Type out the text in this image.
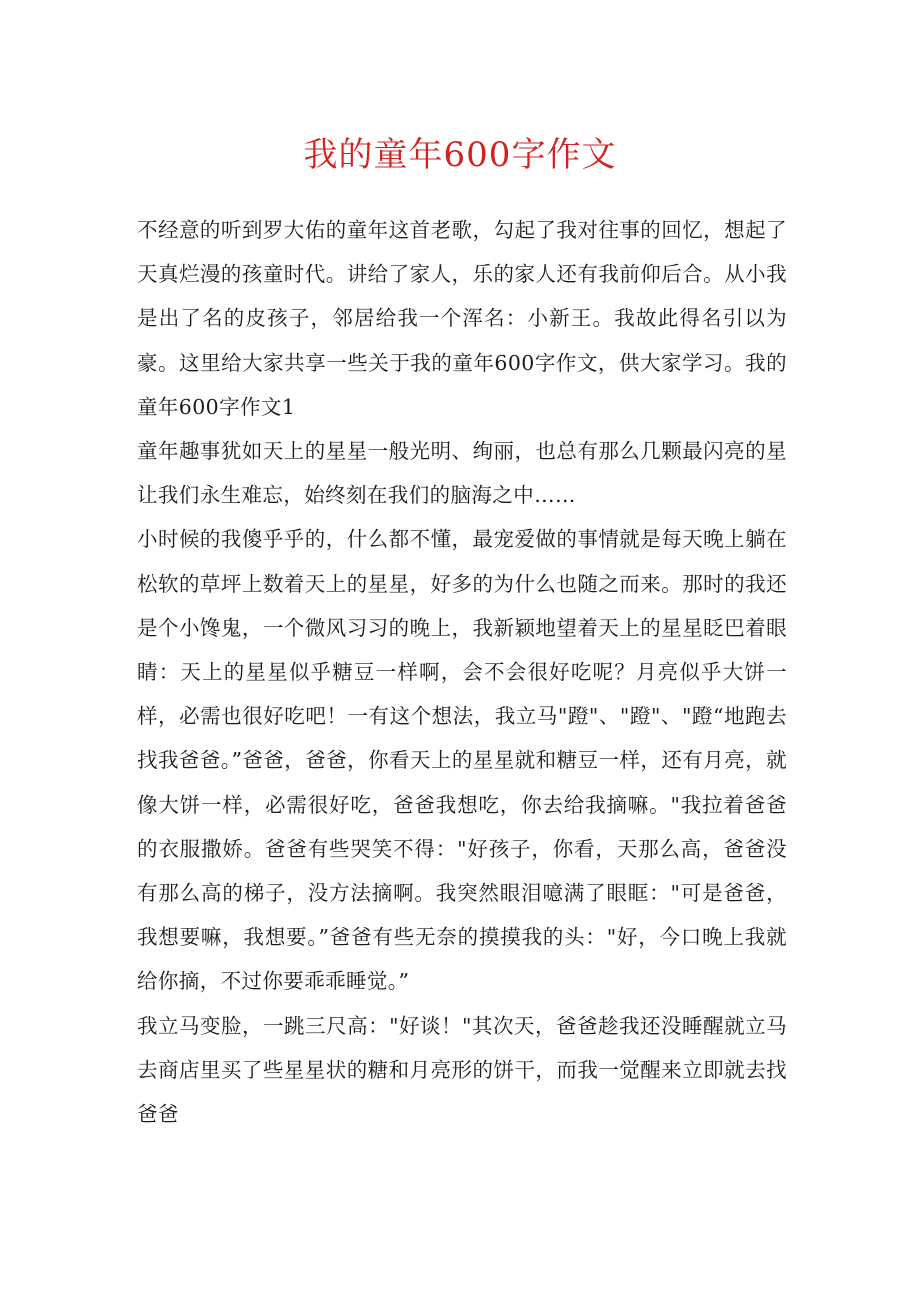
我的童年600字作文

不经意的听到罗大佑的童年这首老歌，勾起了我对往事的回忆，想起了天真烂漫的孩童时代。讲给了家人，乐的家人还有我前仰后合。从小我是出了名的皮孩子，邻居给我一个浑名：小新王。我故此得名引以为豪。这里给大家共享一些关于我的童年600字作文，供大家学习。我的童年600字作文1

童年趣事犹如天上的星星一般光明、绚丽，也总有那么几颗最闪亮的星让我们永生难忘，始终刻在我们的脑海之中……

小时候的我傻乎乎的，什么都不懂，最宠爱做的事情就是每天晚上躺在松软的草坪上数着天上的星星，好多的为什么也随之而来。那时的我还是个小馋鬼，一个微风习习的晚上，我新颖地望着天上的星星眨巴着眼睛：天上的星星似乎糖豆一样啊，会不会很好吃呢？月亮似乎大饼一样，必需也很好吃吧！一有这个想法，我立马"蹬"、"蹬"、"蹬“地跑去找我爸爸。”爸爸，爸爸，你看天上的星星就和糖豆一样，还有月亮，就像大饼一样，必需很好吃，爸爸我想吃，你去给我摘嘛。"我拉着爸爸的衣服撒娇。爸爸有些哭笑不得："好孩子，你看，天那么高，爸爸没有那么高的梯子，没方法摘啊。我突然眼泪噫满了眼眶："可是爸爸，我想要嘛，我想要。”爸爸有些无奈的摸摸我的头："好，今口晚上我就给你摘，不过你要乖乖睡觉。”

我立马变脸，一跳三尺高："好谈！"其次天，爸爸趁我还没睡醒就立马去商店里买了些星星状的糖和月亮形的饼干，而我一觉醒来立即就去找爸爸
